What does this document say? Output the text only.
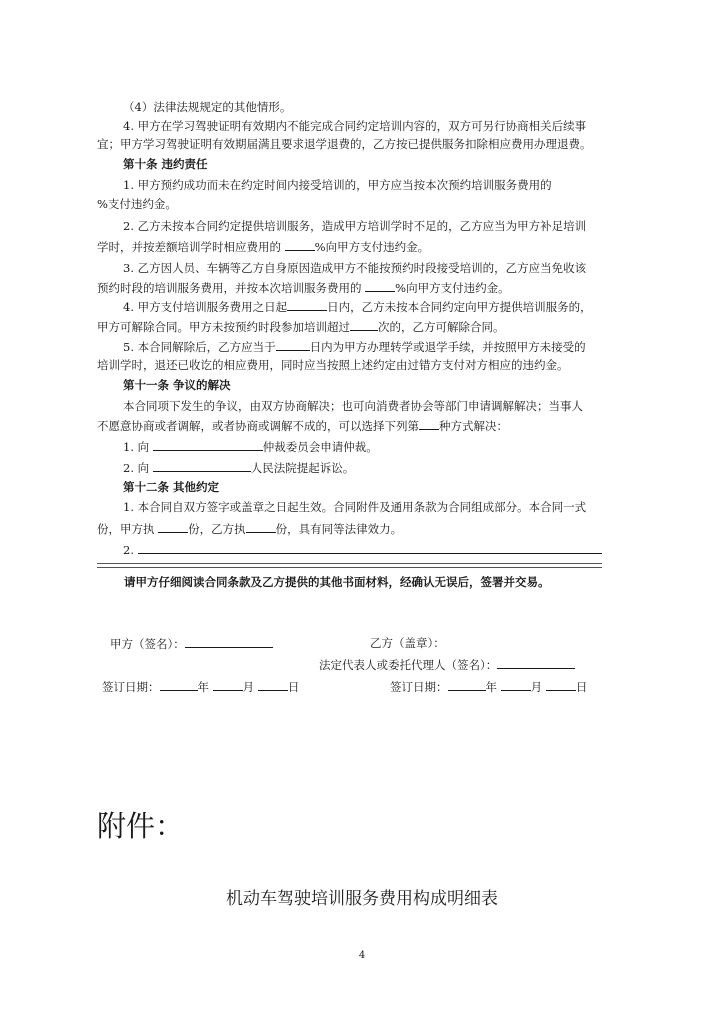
（4）法律法规规定的其他情形。
4. 甲方在学习驾驶证明有效期内不能完成合同约定培训内容的，双方可另行协商相关后续事
宜；甲方学习驾驶证明有效期届满且要求退学退费的，乙方按已提供服务扣除相应费用办理退费。
第十条 违约责任
1. 甲方预约成功而未在约定时间内接受培训的，甲方应当按本次预约培训服务费用的
%支付违约金。
2. 乙方未按本合同约定提供培训服务，造成甲方培训学时不足的，乙方应当为甲方补足培训
学时，并按差额培训学时相应费用的	%向甲方支付违约金。
3. 乙方因人员、车辆等乙方自身原因造成甲方不能按预约时段接受培训的，乙方应当免收该
预约时段的培训服务费用，并按本次培训服务费用的	%向甲方支付违约金。
4. 甲方支付培训服务费用之日起	日内，乙方未按本合同约定向甲方提供培训服务的，
甲方可解除合同。甲方未按预约时段参加培训超过 次的，乙方可解除合同。
5. 本合同解除后，乙方应当于	日内为甲方办理转学或退学手续，并按照甲方未接受的
培训学时，退还已收讫的相应费用，同时应当按照上述约定由过错方支付对方相应的违约金。
第十一条 争议的解决
本合同项下发生的争议，由双方协商解决；也可向消费者协会等部门申请调解解决；当事人
不愿意协商或者调解，或者协商或调解不成的，可以选择下列第 种方式解决：
1. 向	仲裁委员会申请仲裁。
2. 向	人民法院提起诉讼。
第十二条 其他约定
1. 本合同自双方签字或盖章之日起生效。合同附件及通用条款为合同组成部分。本合同一式
份，甲方执	份，乙方执	份，具有同等法律效力。
2.
请甲方仔细阅读合同条款及乙方提供的其他书面材料，经确认无误后，签署并交易。
甲方（签名）：	乙方（盖章）：
法定代表人或委托代理人（签名）：
签订日期：	年	月	日	签订日期：	年	月	日
附件：
机动车驾驶培训服务费用构成明细表
4
